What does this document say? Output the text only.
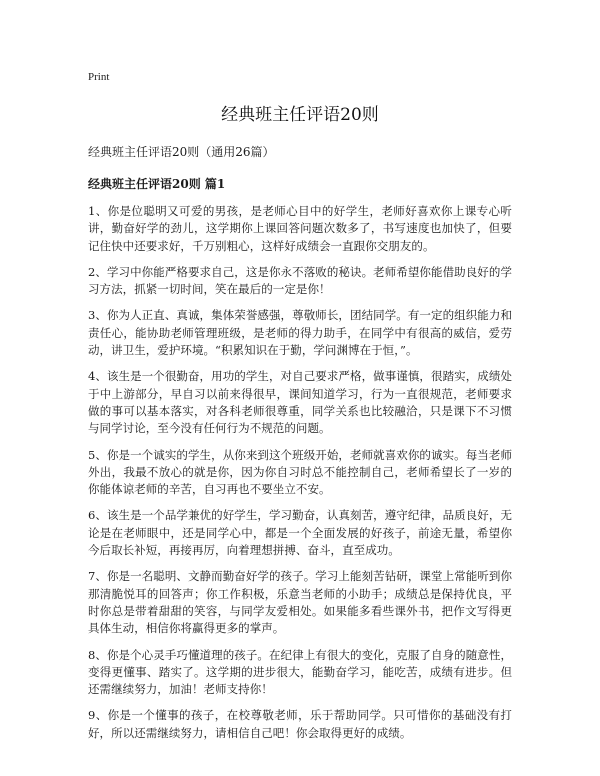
Print
经典班主任评语20则

经典班主任评语20则（通用26篇）

经典班主任评语20则 篇1

1、你是位聪明又可爱的男孩，是老师心目中的好学生，老师好喜欢你上课专心听讲，勤奋好学的劲儿，这学期你上课回答问题次数多了，书写速度也加快了，但要记住快中还要求好，千万别粗心，这样好成绩会一直跟你交朋友的。

2、学习中你能严格要求自己，这是你永不落败的秘诀。老师希望你能借助良好的学习方法，抓紧一切时间，笑在最后的一定是你！

3、你为人正直、真诚，集体荣誉感强，尊敬师长，团结同学。有一定的组织能力和责任心，能协助老师管理班级，是老师的得力助手，在同学中有很高的威信，爱劳动，讲卫生，爱护环境。“积累知识在于勤，学问渊博在于恒，”。

4、该生是一个很勤奋，用功的学生，对自己要求严格，做事谨慎，很踏实，成绩处于中上游部分，早自习以前来得很早，课间知道学习，行为一直很规范，老师要求做的事可以基本落实，对各科老师很尊重，同学关系也比较融洽，只是课下不习惯与同学讨论，至今没有任何行为不规范的问题。

5、你是一个诚实的学生，从你来到这个班级开始，老师就喜欢你的诚实。每当老师外出，我最不放心的就是你，因为你自习时总不能控制自己，老师希望长了一岁的你能体谅老师的辛苦，自习再也不要坐立不安。

6、该生是一个品学兼优的好学生，学习勤奋，认真刻苦，遵守纪律，品质良好，无论是在老师眼中，还是同学心中，都是一个全面发展的好孩子，前途无量，希望你今后取长补短，再接再厉，向着理想拼搏、奋斗，直至成功。

7、你是一名聪明、文静而勤奋好学的孩子。学习上能刻苦钻研，课堂上常能听到你那清脆悦耳的回答声；你工作积极，乐意当老师的小助手；成绩总是保持优良，平时你总是带着甜甜的笑容，与同学友爱相处。如果能多看些课外书，把作文写得更具体生动，相信你将赢得更多的掌声。

8、你是个心灵手巧懂道理的孩子。在纪律上有很大的变化，克服了自身的随意性，变得更懂事、踏实了。这学期的进步很大，能勤奋学习，能吃苦，成绩有进步。但还需继续努力，加油！老师支持你！

9、你是一个懂事的孩子，在校尊敬老师，乐于帮助同学。只可惜你的基础没有打好，所以还需继续努力，请相信自己吧！你会取得更好的成绩。
